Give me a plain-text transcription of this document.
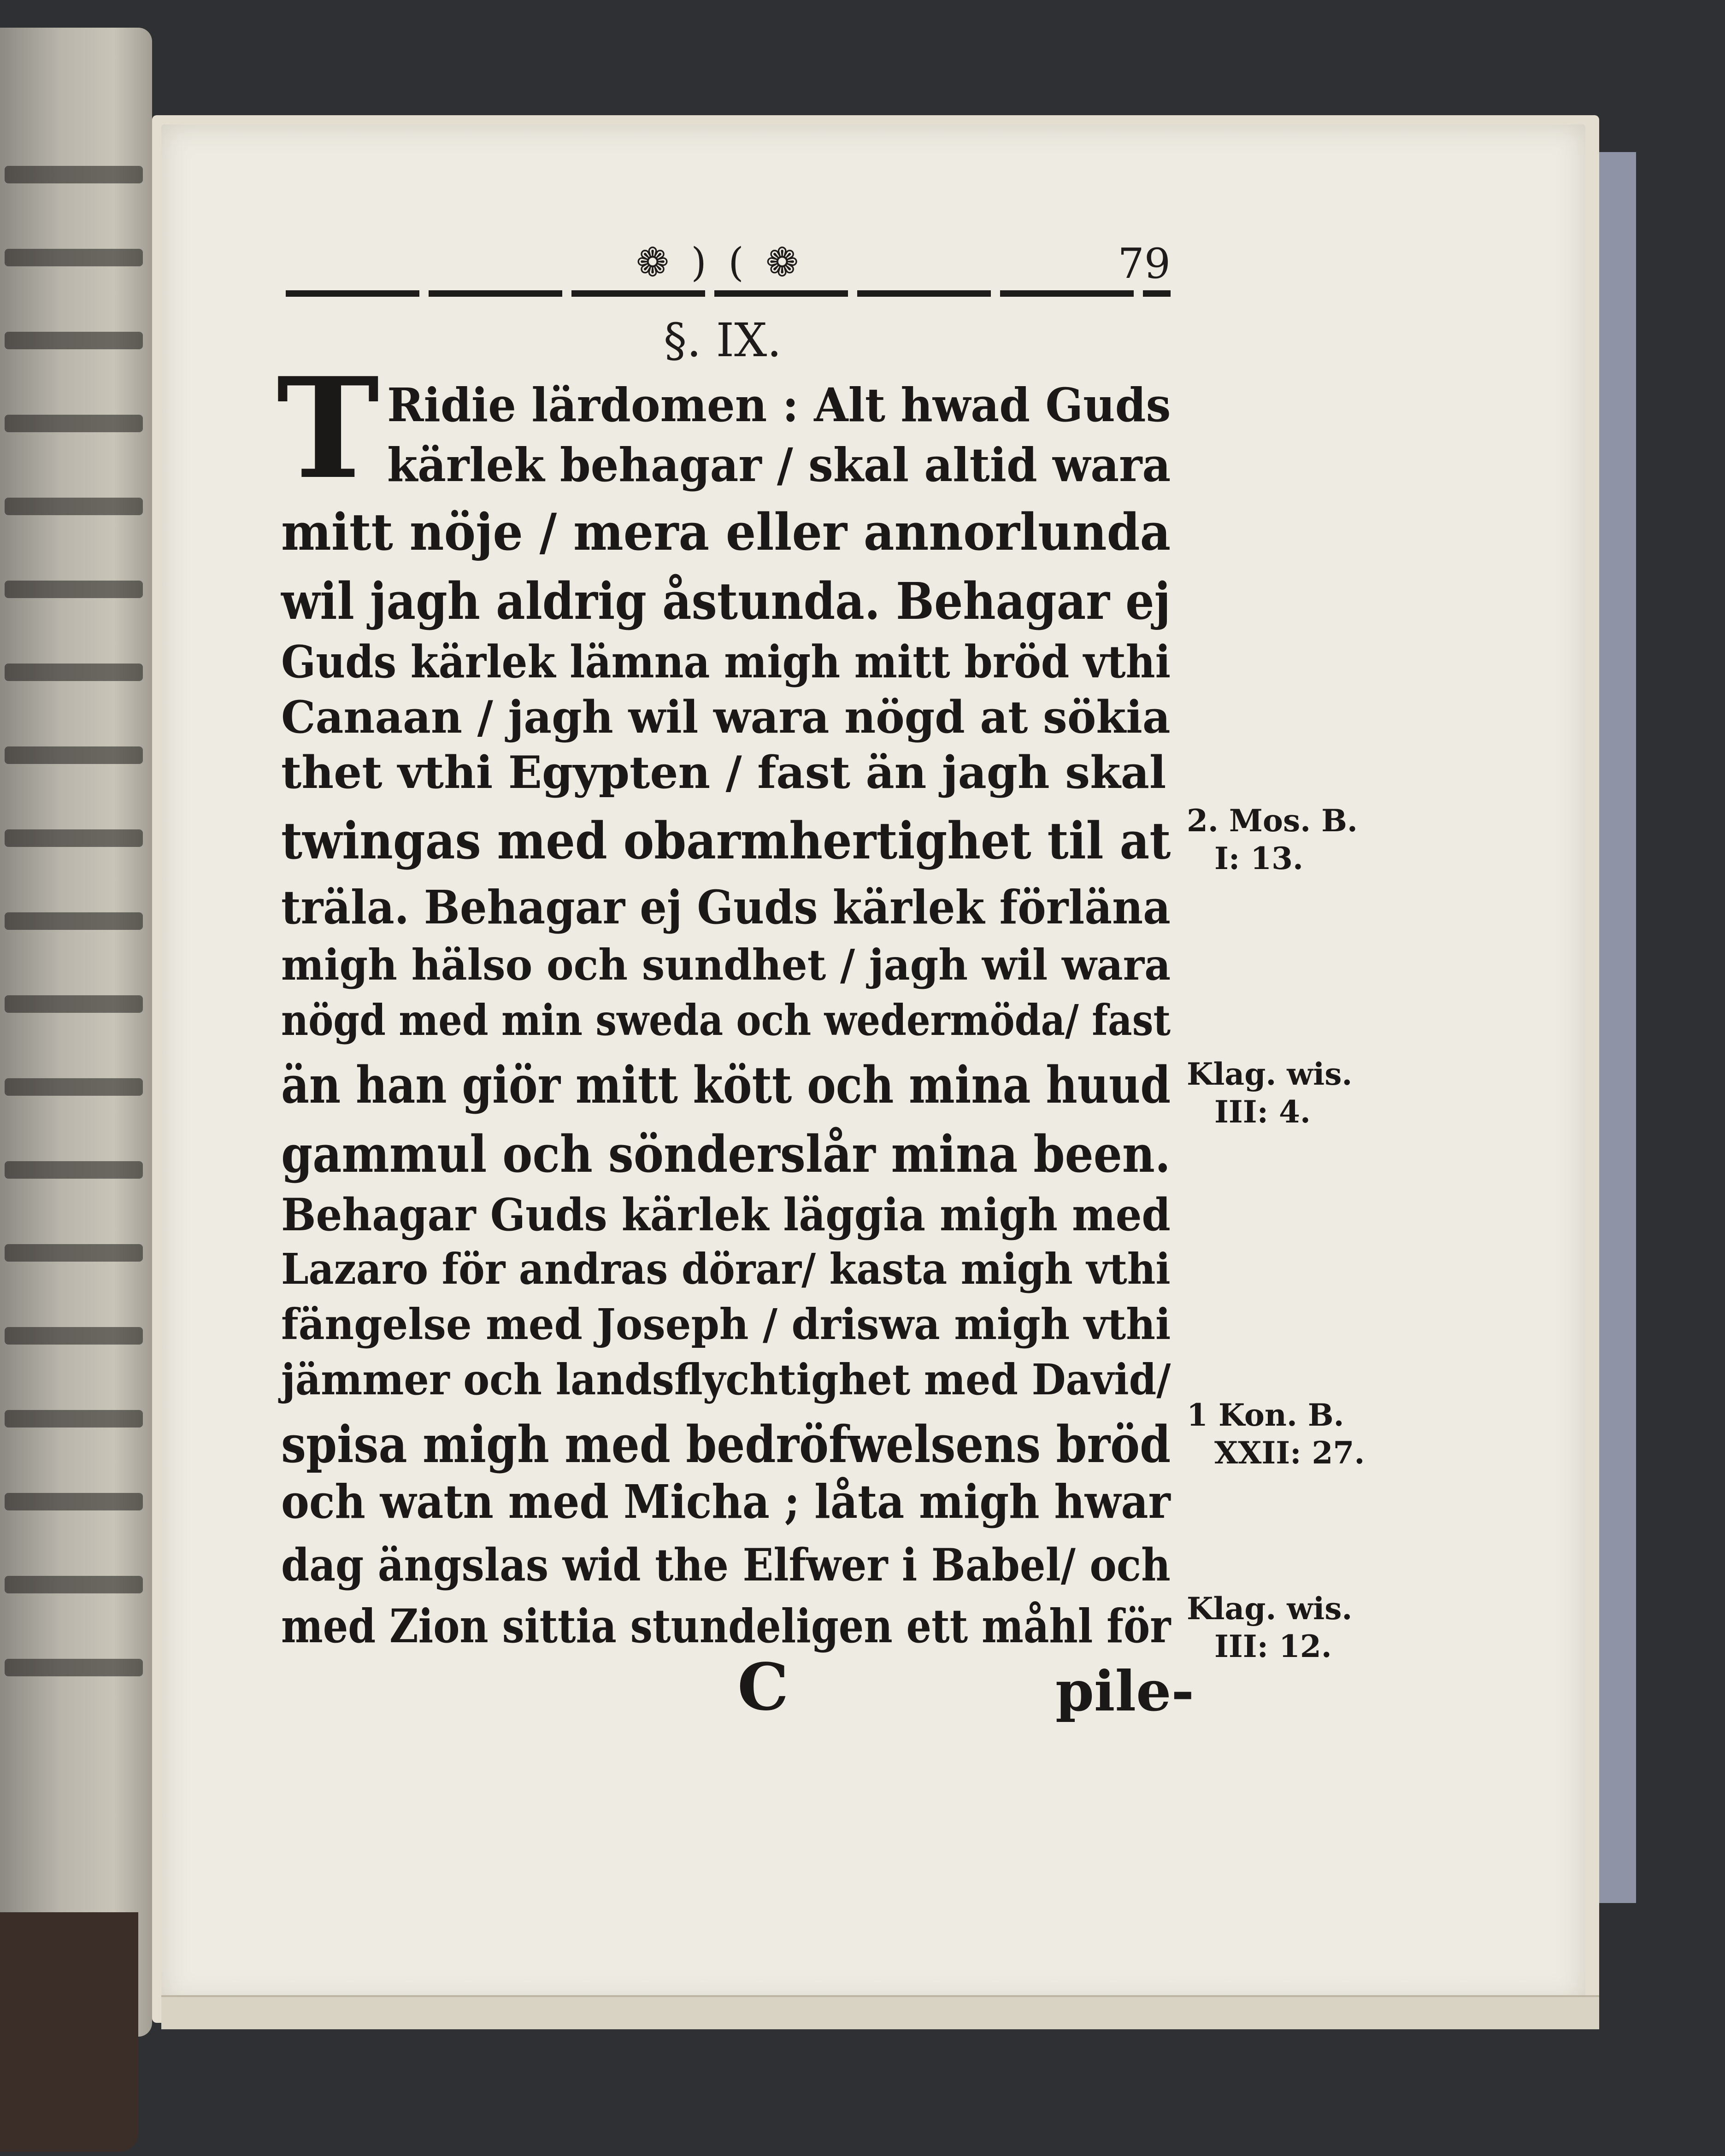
❁ ) ( ❁	79
§. IX.
T Ridie lärdomen : Alt hwad Guds
kärlek behagar / skal altid wara
mitt nöje / mera eller annorlunda
wil jagh aldrig åstunda. Behagar ej
Guds kärlek lämna migh mitt bröd vthi
Canaan / jagh wil wara nögd at sökia
thet vthi Egypten / fast än jagh skal
twingas med obarmhertighet til at
träla. Behagar ej Guds kärlek förläna
migh hälso och sundhet / jagh wil wara
nögd med min sweda och wedermöda/ fast
än han giör mitt kött och mina huud
gammul och sönderslår mina been.
Behagar Guds kärlek läggia migh med
Lazaro för andras dörar/ kasta migh vthi
fängelse med Joseph / driswa migh vthi
jämmer och landsflychtighet med David/
spisa migh med bedröfwelsens bröd
och watn med Micha ; låta migh hwar
dag ängslas wid the Elfwer i Babel/ och
med Zion sittia stundeligen ett måhl för
C	pile-
2. Mos. B.
I: 13.
Klag. wis.
III: 4.
1 Kon. B.
XXII: 27.
Klag. wis.
III: 12.
